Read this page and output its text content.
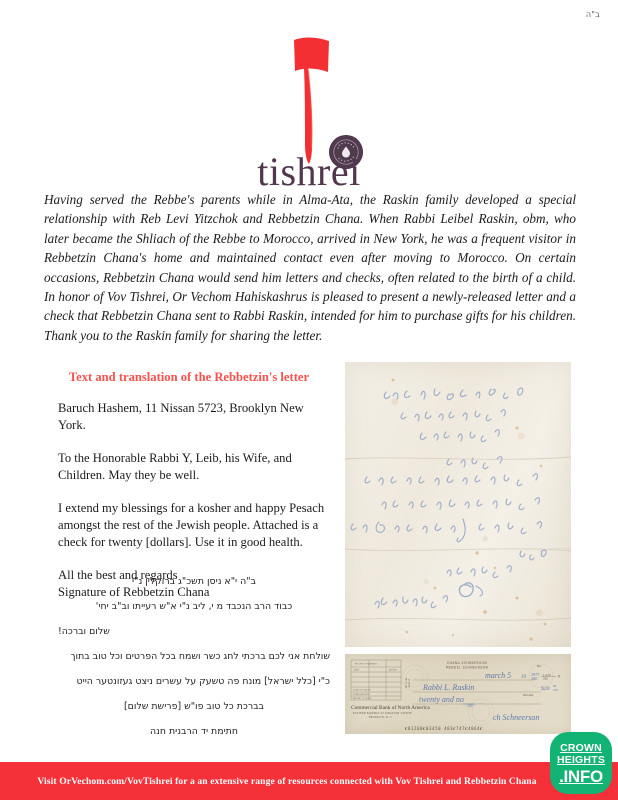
ב"ה
tishrei
Having served the Rebbe's parents while in Alma-Ata, the Raskin family developed a special relationship with Reb Levi Yitzchok and Rebbetzin Chana. When Rabbi Leibel Raskin, obm, who later became the Shliach of the Rebbe to Morocco, arrived in New York, he was a frequent visitor in Rebbetzin Chana's home and maintained contact even after moving to Morocco. On certain occasions, Rebbetzin Chana would send him letters and checks, often related to the birth of a child. In honor of Vov Tishrei, Or Vechom Hahiskashrus is pleased to present a newly-released letter and a check that Rebbetzin Chana sent to Rabbi Raskin, intended for him to purchase gifts for his children. Thank you to the Raskin family for sharing the letter.
Text and translation of the Rebbetzin's letter

Baruch Hashem, 11 Nissan 5723, Brooklyn New York.

To the Honorable Rabbi Y, Leib, his Wife, and Children. May they be well.

I extend my blessings for a kosher and happy Pesach amongst the rest of the Jewish people. Attached is a check for twenty [dollars]. Use it in good health.

All the best and regards
Signature of Rebbetzin Chana

ב"ה י"א ניסן תשכ"ג ברוקלין נ"י

כבוד הרב הנכבד מ י, ליב נ"י א"ש רעייתו וב"ב יחי'

שלום וברכה!

שולחת אני לכם ברכתי לחג כשר ושמח בכל הפרטים וכל טוב בתוך

כ"י [כלל ישראל] מונח פה טשעק על עשרים ניצט געזונטער הייט

בברכת כל טוב פו"ש [פרישת שלום]

חתימת יד הרבנית חנה

RECORD OF PAYMENTS
DATE	AMOUNT
TOTAL OF CHECKS
TOTAL DEPOSITS
AMOUNT OF CHECK
PAY TO THE ORDER OF
CHANA SCHNEERSON
MENDEL SCHNEERSON	No.
1-270
260
K
DOLLARS
march 5 19
1973
260
$20 00
100
Rabbi L. Raskin
twenty and no
100
ch Schneerson
Commercial Bank of North America
EASTERN PARKWAY AT KINGSTON AVENUE
BROOKLYN, N. Y.
⑆01260⑆03450 403⑈747⑆4064⑆
Visit OrVechom.com/VovTishrei for a an extensive range of resources connected with Vov Tishrei and Rebbetzin Chana
CROWN
HEIGHTS
.INFO
